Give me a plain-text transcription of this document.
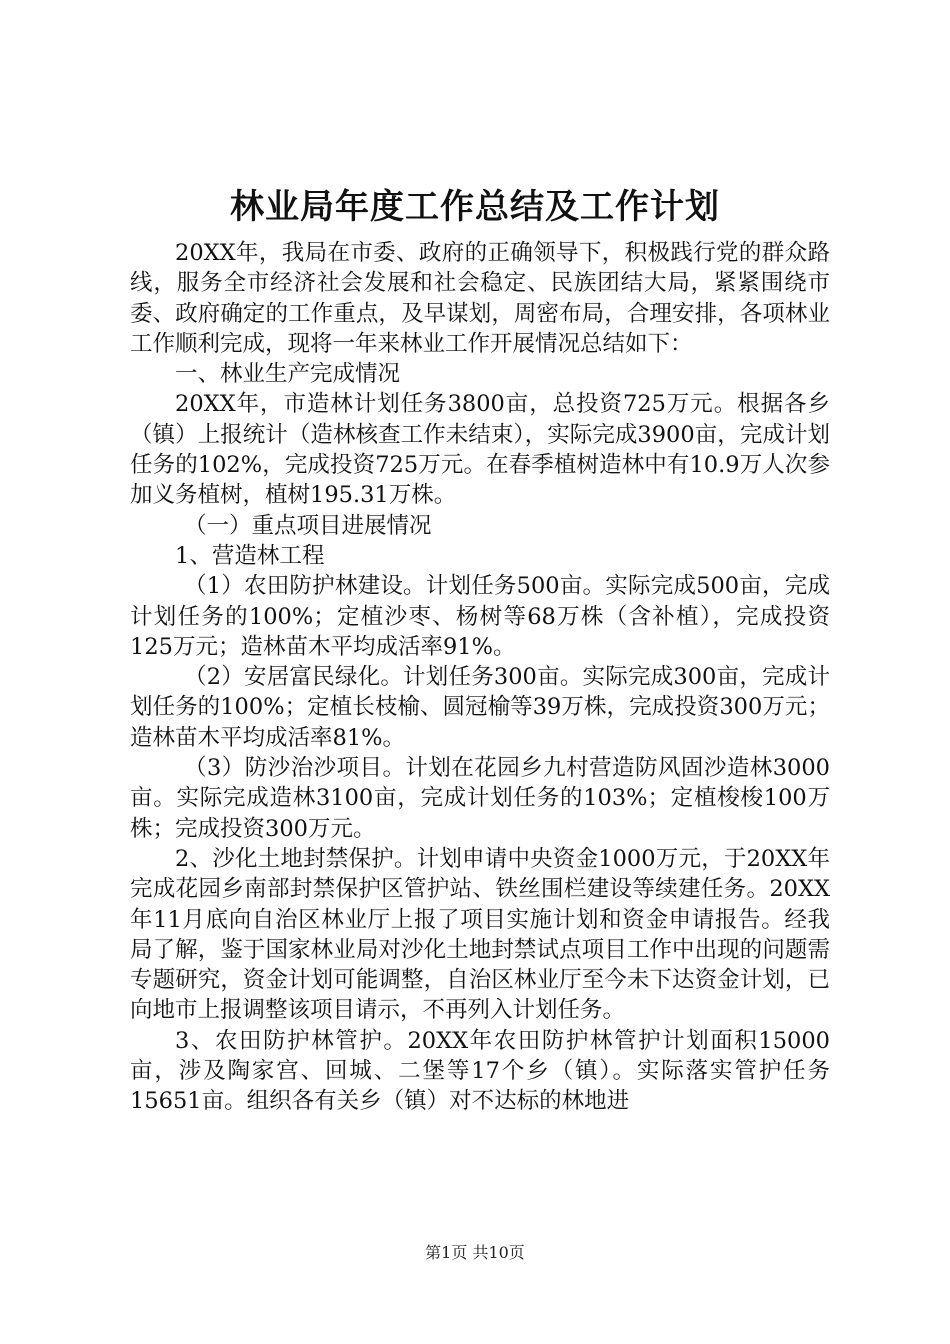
林业局年度工作总结及工作计划

20XX年，我局在市委、政府的正确领导下，积极践行党的群众路线，服务全市经济社会发展和社会稳定、民族团结大局，紧紧围绕市委、政府确定的工作重点，及早谋划，周密布局，合理安排，各项林业工作顺利完成，现将一年来林业工作开展情况总结如下：

一、林业生产完成情况

20XX年，市造林计划任务3800亩，总投资725万元。根据各乡（镇）上报统计（造林核查工作未结束），实际完成3900亩，完成计划任务的102%，完成投资725万元。在春季植树造林中有10.9万人次参加义务植树，植树195.31万株。

（一）重点项目进展情况

1、营造林工程

（1）农田防护林建设。计划任务500亩。实际完成500亩，完成计划任务的100%；定植沙枣、杨树等68万株（含补植），完成投资125万元；造林苗木平均成活率91%。

（2）安居富民绿化。计划任务300亩。实际完成300亩，完成计划任务的100%；定植长枝榆、圆冠榆等39万株，完成投资300万元；造林苗木平均成活率81%。

（3）防沙治沙项目。计划在花园乡九村营造防风固沙造林3000亩。实际完成造林3100亩，完成计划任务的103%；定植梭梭100万株；完成投资300万元。

2、沙化土地封禁保护。计划申请中央资金1000万元，于20XX年完成花园乡南部封禁保护区管护站、铁丝围栏建设等续建任务。20XX年11月底向自治区林业厅上报了项目实施计划和资金申请报告。经我局了解，鉴于国家林业局对沙化土地封禁试点项目工作中出现的问题需专题研究，资金计划可能调整，自治区林业厅至今未下达资金计划，已向地市上报调整该项目请示，不再列入计划任务。

3、农田防护林管护。20XX年农田防护林管护计划面积15000亩，涉及陶家宫、回城、二堡等17个乡（镇）。实际落实管护任务15651亩。组织各有关乡（镇）对不达标的林地进

第1页 共10页
